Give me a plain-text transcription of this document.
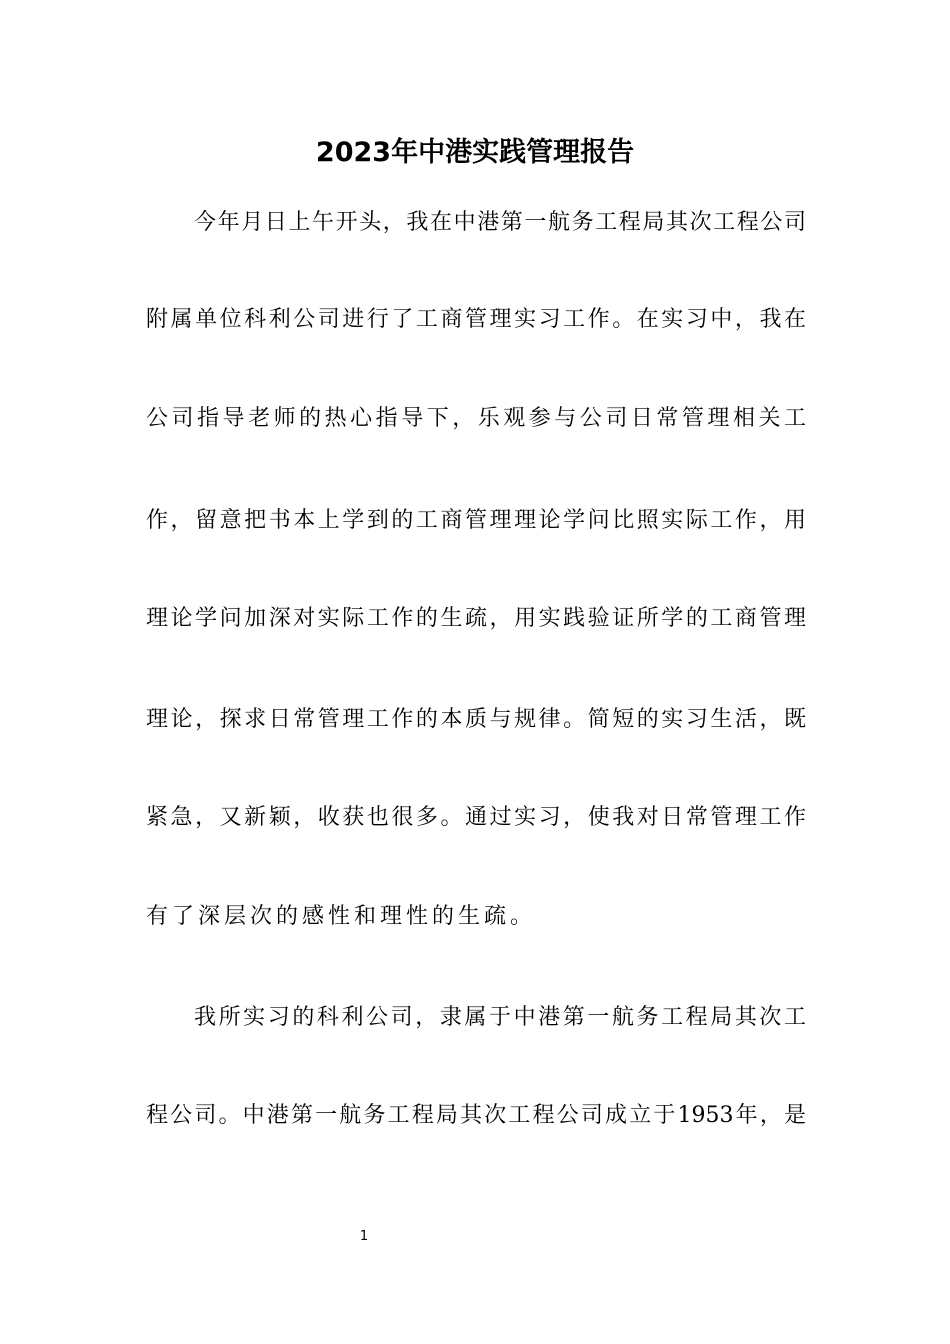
2023年中港实践管理报告

今年月日上午开头，我在中港第一航务工程局其次工程公司

附属单位科利公司进行了工商管理实习工作。在实习中，我在

公司指导老师的热心指导下，乐观参与公司日常管理相关工

作，留意把书本上学到的工商管理理论学问比照实际工作，用

理论学问加深对实际工作的生疏，用实践验证所学的工商管理

理论，探求日常管理工作的本质与规律。简短的实习生活，既

紧急，又新颖，收获也很多。通过实习，使我对日常管理工作

有了深层次的感性和理性的生疏。

我所实习的科利公司，隶属于中港第一航务工程局其次工

程公司。中港第一航务工程局其次工程公司成立于1953年，是

1
